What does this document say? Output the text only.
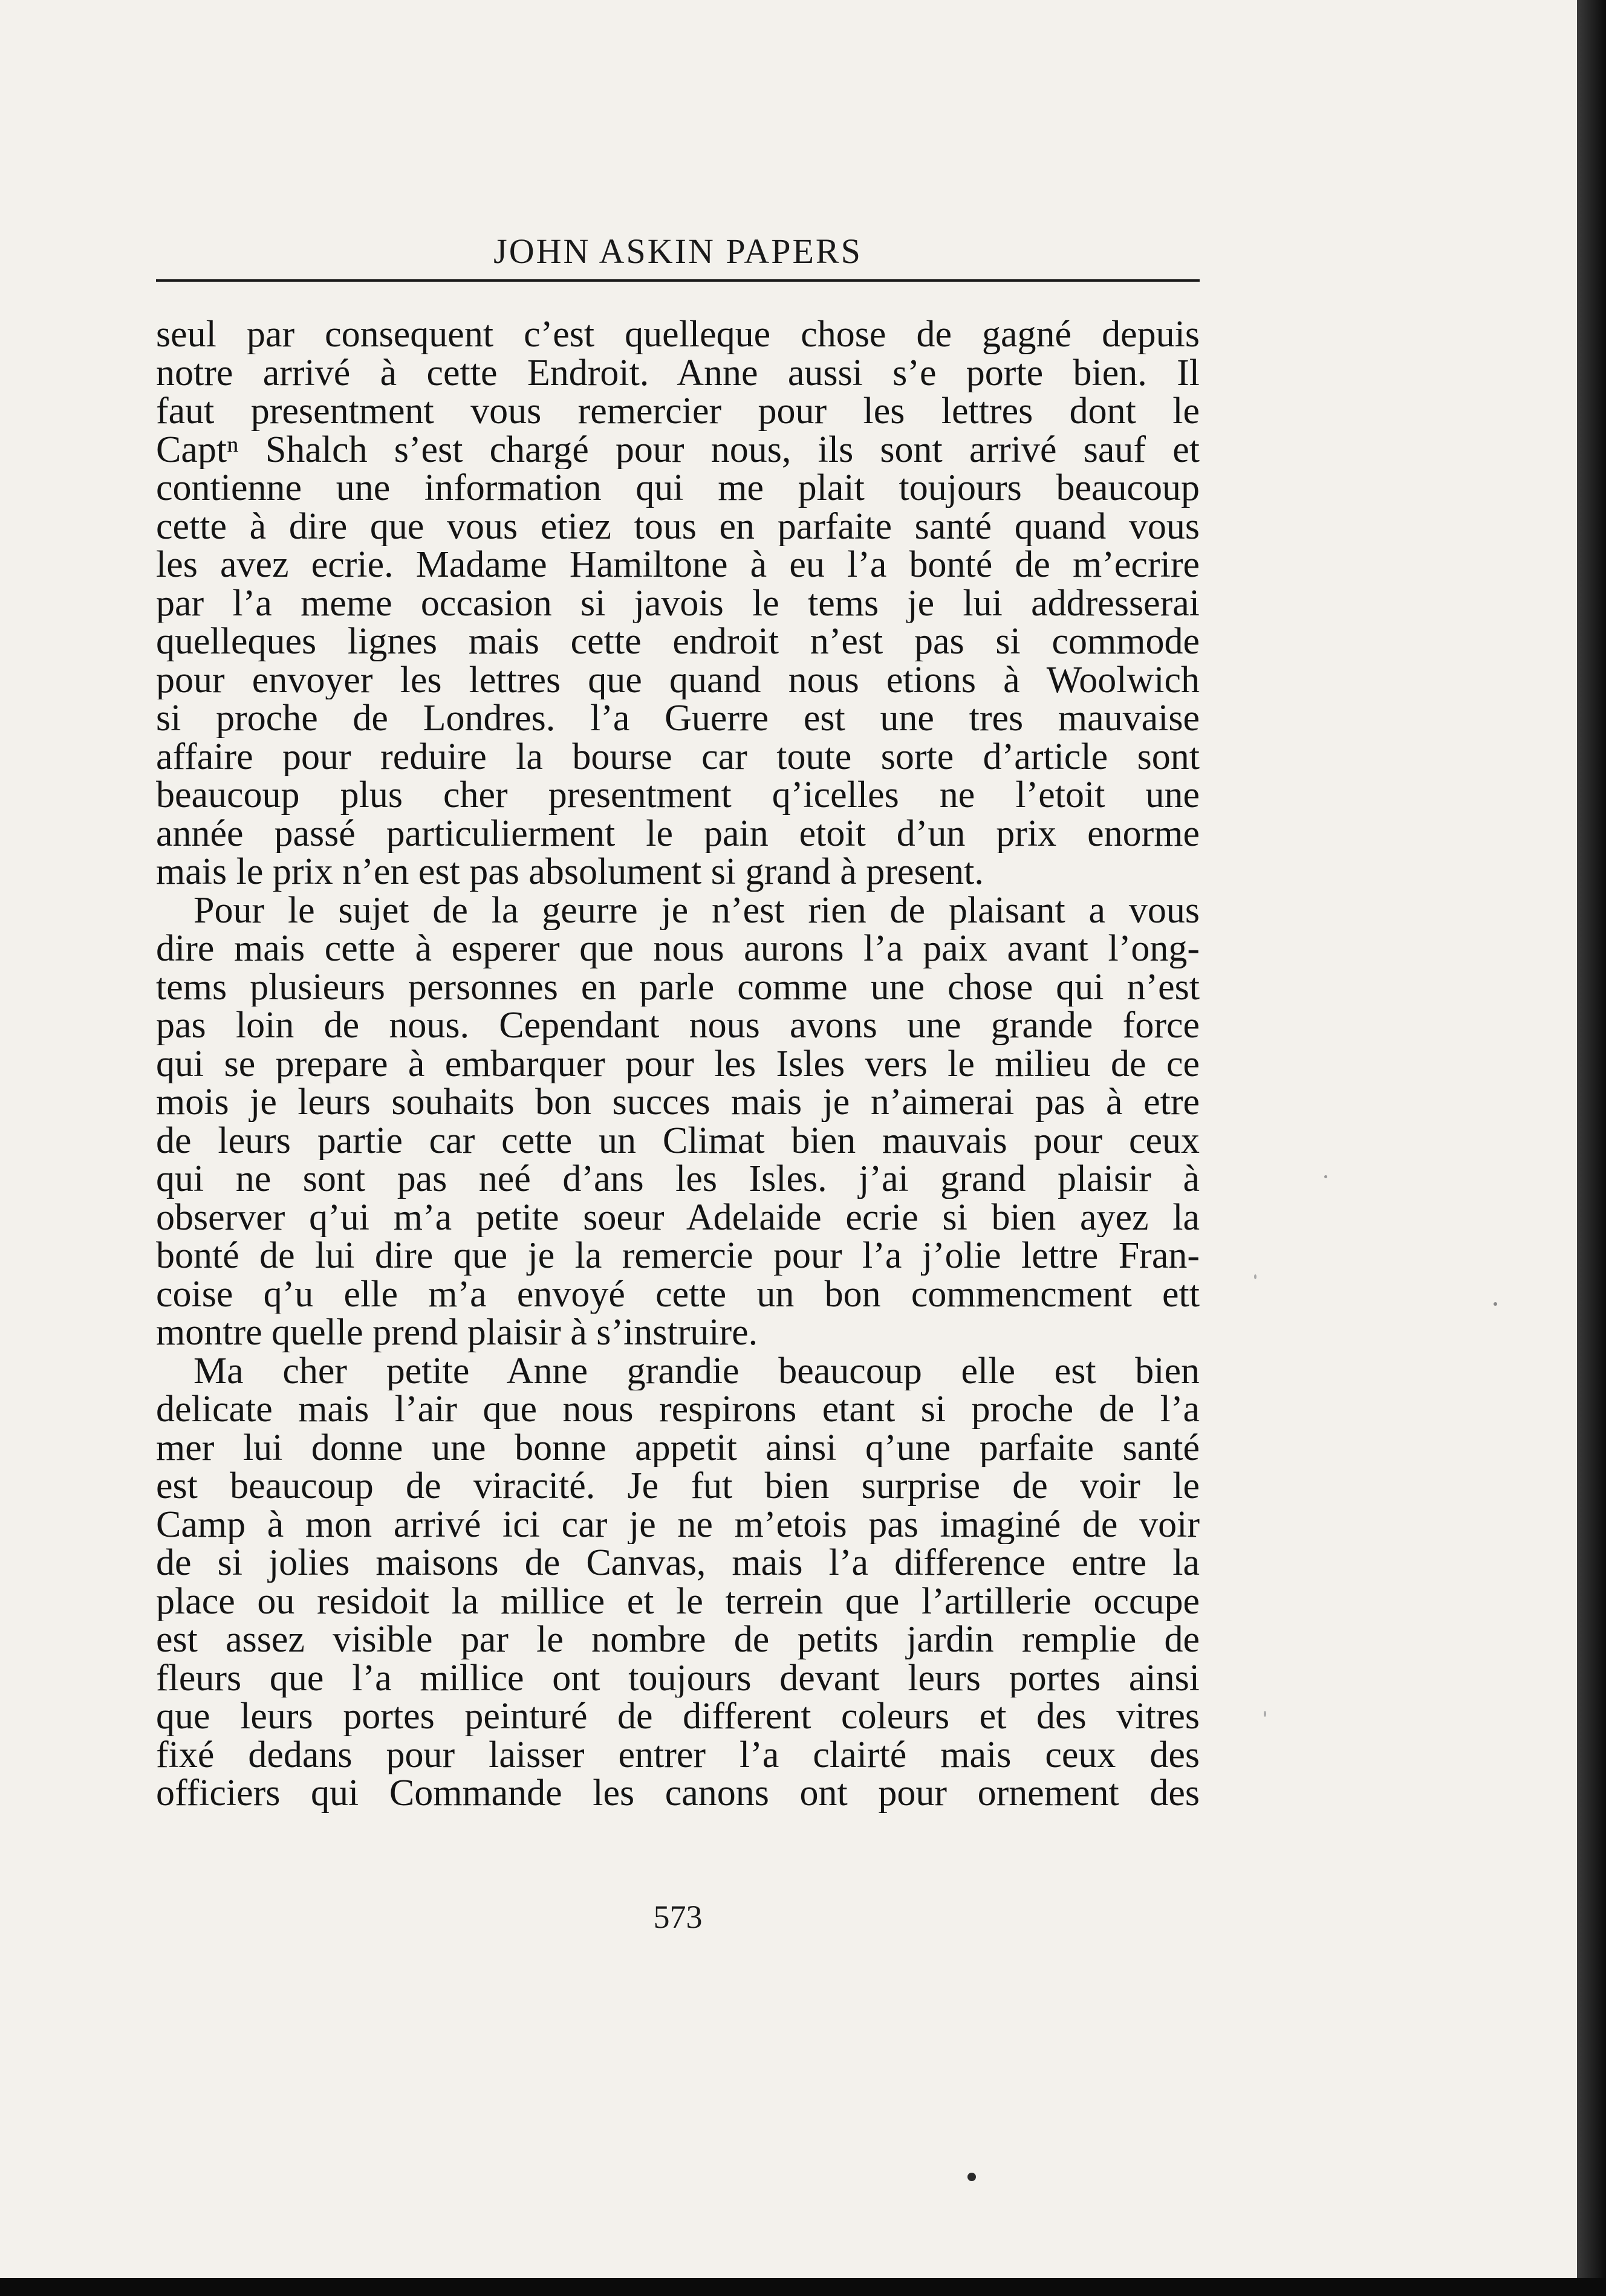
JOHN ASKIN PAPERS
seul par consequent c’est quelleque chose de gagné depuis
notre arrivé à cette Endroit. Anne aussi s’e porte bien. Il
faut presentment vous remercier pour les lettres dont le
Captⁿ Shalch s’est chargé pour nous, ils sont arrivé sauf et
contienne une information qui me plait toujours beaucoup
cette à dire que vous etiez tous en parfaite santé quand vous
les avez ecrie. Madame Hamiltone à eu l’a bonté de m’ecrire
par l’a meme occasion si javois le tems je lui addresserai
quelleques lignes mais cette endroit n’est pas si commode
pour envoyer les lettres que quand nous etions à Woolwich
si proche de Londres. l’a Guerre est une tres mauvaise
affaire pour reduire la bourse car toute sorte d’article sont
beaucoup plus cher presentment q’icelles ne l’etoit une
année passé particulierment le pain etoit d’un prix enorme
mais le prix n’en est pas absolument si grand à present.
Pour le sujet de la geurre je n’est rien de plaisant a vous
dire mais cette à esperer que nous aurons l’a paix avant l’ong-
tems plusieurs personnes en parle comme une chose qui n’est
pas loin de nous. Cependant nous avons une grande force
qui se prepare à embarquer pour les Isles vers le milieu de ce
mois je leurs souhaits bon succes mais je n’aimerai pas à etre
de leurs partie car cette un Climat bien mauvais pour ceux
qui ne sont pas neé d’ans les Isles. j’ai grand plaisir à
observer q’ui m’a petite soeur Adelaide ecrie si bien ayez la
bonté de lui dire que je la remercie pour l’a j’olie lettre Fran-
coise q’u elle m’a envoyé cette un bon commencment ett
montre quelle prend plaisir à s’instruire.
Ma cher petite Anne grandie beaucoup elle est bien
delicate mais l’air que nous respirons etant si proche de l’a
mer lui donne une bonne appetit ainsi q’une parfaite santé
est beaucoup de viracité. Je fut bien surprise de voir le
Camp à mon arrivé ici car je ne m’etois pas imaginé de voir
de si jolies maisons de Canvas, mais l’a difference entre la
place ou residoit la millice et le terrein que l’artillerie occupe
est assez visible par le nombre de petits jardin remplie de
fleurs que l’a millice ont toujours devant leurs portes ainsi
que leurs portes peinturé de different coleurs et des vitres
fixé dedans pour laisser entrer l’a clairté mais ceux des
officiers qui Commande les canons ont pour ornement des
573
